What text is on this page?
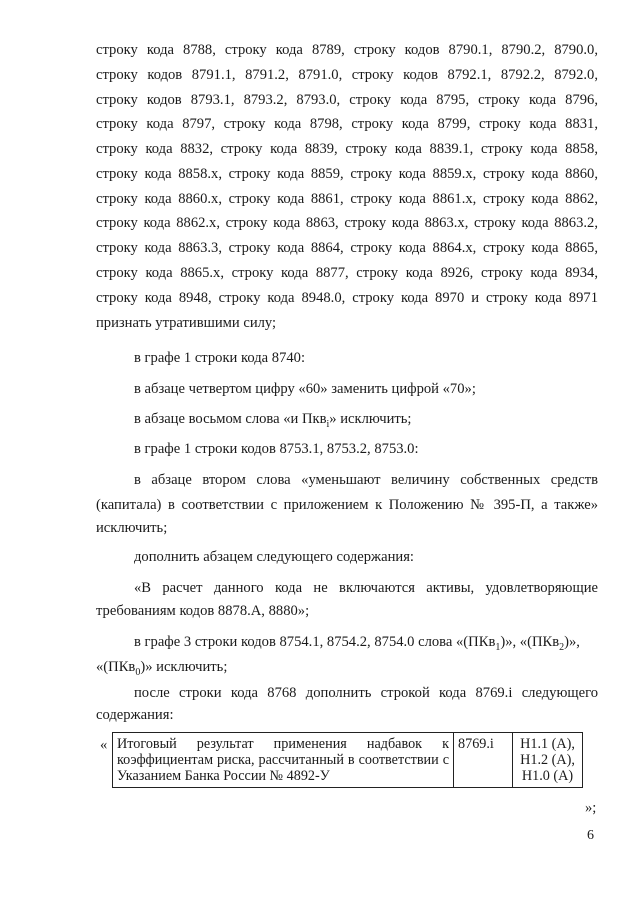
строку кода 8788, строку кода 8789, строку кодов 8790.1, 8790.2, 8790.0,
строку кодов 8791.1, 8791.2, 8791.0, строку кодов 8792.1, 8792.2, 8792.0,
строку кодов 8793.1, 8793.2, 8793.0, строку кода 8795, строку кода 8796,
строку кода 8797, строку кода 8798, строку кода 8799, строку кода 8831,
строку кода 8832, строку кода 8839, строку кода 8839.1, строку кода 8858,
строку кода 8858.х, строку кода 8859, строку кода 8859.х, строку кода 8860,
строку кода 8860.х, строку кода 8861, строку кода 8861.х, строку кода 8862,
строку кода 8862.х, строку кода 8863, строку кода 8863.х, строку кода 8863.2,
строку кода 8863.3, строку кода 8864, строку кода 8864.х, строку кода 8865,
строку кода 8865.х, строку кода 8877, строку кода 8926, строку кода 8934,
строку кода 8948, строку кода 8948.0, строку кода 8970 и строку кода 8971
признать утратившими силу;
в графе 1 строки кода 8740:
в абзаце четвертом цифру «60» заменить цифрой «70»;
в абзаце восьмом слова «и Пкв$_i$» исключить;
в графе 1 строки кодов 8753.1, 8753.2, 8753.0:
в абзаце втором слова «уменьшают величину собственных средств
(капитала) в соответствии с приложением к Положению № 395-П, а также»
исключить;
дополнить абзацем следующего содержания:
«В расчет данного кода не включаются активы, удовлетворяющие
требованиям кодов 8878.А, 8880»;
в графе 3 строки кодов 8754.1, 8754.2, 8754.0 слова «(ПКв$_1$)», «(ПКв$_2$)»,
«(ПКв$_0$)» исключить;
после строки кода 8768 дополнить строкой кода 8769.i следующего
содержания:
« Итоговый результат применения надбавок к коэффициентам риска, рассчитанный в соответствии с Указанием Банка России № 4892-У	8769.i	Н1.1 (А),
Н1.2 (А),
Н1.0 (А)
»;
6
